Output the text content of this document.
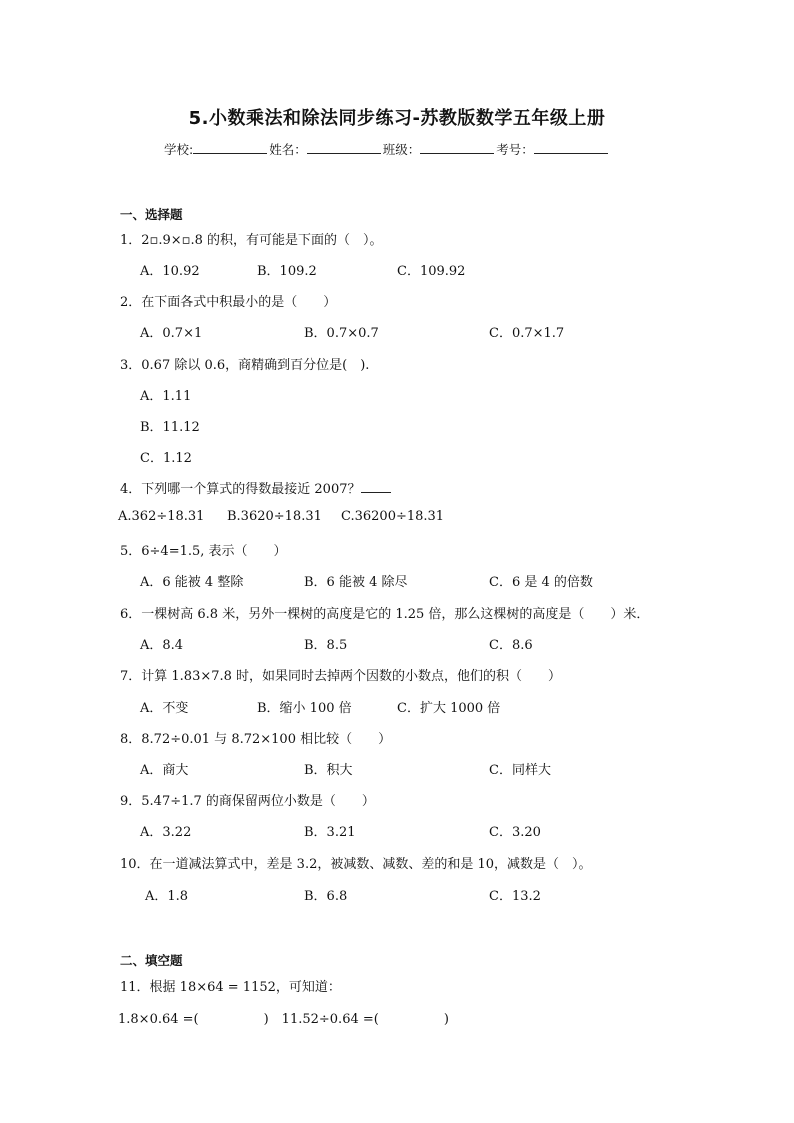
5.小数乘法和除法同步练习-苏教版数学五年级上册
学校:	姓名：	班级：	考号：
一、选择题
1．2▫.9×▫.8 的积，有可能是下面的（　）。
A．10.92	B．109.2	C．109.92
2．在下面各式中积最小的是（　　）
A．0.7×1	B．0.7×0.7	C．0.7×1.7
3．0.67 除以 0.6，商精确到百分位是(　).
A．1.11
B．11.12
C．1.12
4．下列哪一个算式的得数最接近 2007？
A.362÷18.31 B.3620÷18.31 C.36200÷18.31
5．6÷4=1.5, 表示（　　）
A．6 能被 4 整除	B．6 能被 4 除尽	C．6 是 4 的倍数
6．一棵树高 6.8 米，另外一棵树的高度是它的 1.25 倍，那么这棵树的高度是（　　）米．
A．8.4	B．8.5	C．8.6
7．计算 1.83×7.8 时，如果同时去掉两个因数的小数点，他们的积（　　）
A．不变	B．缩小 100 倍	C．扩大 1000 倍
8．8.72÷0.01 与 8.72×100 相比较（　　）
A．商大	B．积大	C．同样大
9．5.47÷1.7 的商保留两位小数是（　　）
A．3.22	B．3.21	C．3.20
10．在一道减法算式中，差是 3.2，被减数、减数、差的和是 10，减数是（　）。
A．1.8	B．6.8	C．13.2
二、填空题
11．根据 18×64 = 1152，可知道：
1.8×0.64 =(　　　　　)　11.52÷0.64 =(　　　　　)
